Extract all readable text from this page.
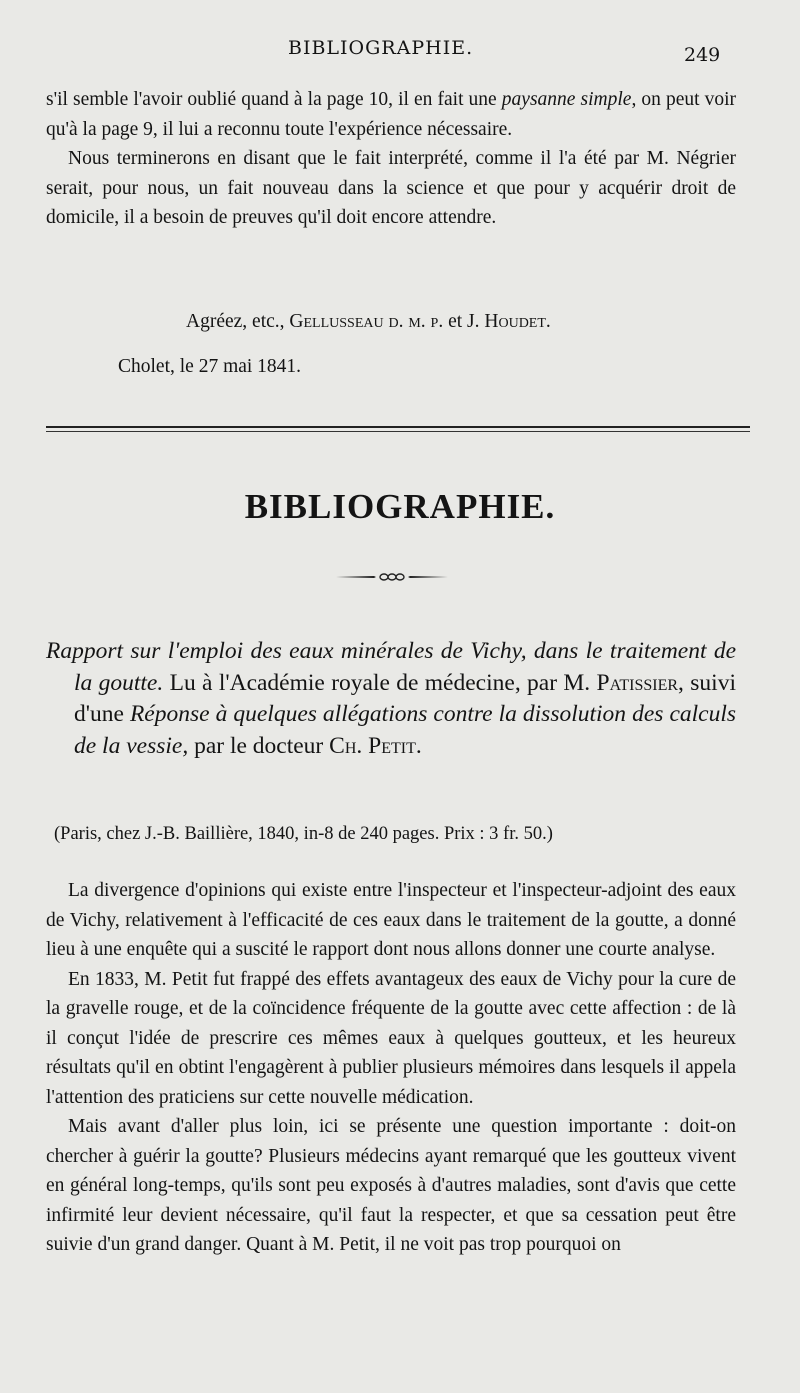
BIBLIOGRAPHIE.	249

s'il semble l'avoir oublié quand à la page 10, il en fait une paysanne simple, on peut voir qu'à la page 9, il lui a reconnu toute l'expérience nécessaire.

Nous terminerons en disant que le fait interprété, comme il l'a été par M. Négrier serait, pour nous, un fait nouveau dans la science et que pour y acquérir droit de domicile, il a besoin de preuves qu'il doit encore attendre.

Agréez, etc., Gellusseau d. m. p. et J. Houdet.
Cholet, le 27 mai 1841.
BIBLIOGRAPHIE.
Rapport sur l'emploi des eaux minérales de Vichy, dans le traitement de la goutte. Lu à l'Académie royale de médecine, par M. Patissier, suivi d'une Réponse à quelques allégations contre la dissolution des calculs de la vessie, par le docteur Ch. Petit.
(Paris, chez J.-B. Baillière, 1840, in-8 de 240 pages. Prix : 3 fr. 50.)

La divergence d'opinions qui existe entre l'inspecteur et l'inspecteur-adjoint des eaux de Vichy, relativement à l'efficacité de ces eaux dans le traitement de la goutte, a donné lieu à une enquête qui a suscité le rapport dont nous allons donner une courte analyse.

En 1833, M. Petit fut frappé des effets avantageux des eaux de Vichy pour la cure de la gravelle rouge, et de la coïncidence fréquente de la goutte avec cette affection : de là il conçut l'idée de prescrire ces mêmes eaux à quelques goutteux, et les heureux résultats qu'il en obtint l'engagèrent à publier plusieurs mémoires dans lesquels il appela l'attention des praticiens sur cette nouvelle médication.

Mais avant d'aller plus loin, ici se présente une question importante : doit-on chercher à guérir la goutte? Plusieurs médecins ayant remarqué que les goutteux vivent en général long-temps, qu'ils sont peu exposés à d'autres maladies, sont d'avis que cette infirmité leur devient nécessaire, qu'il faut la respecter, et que sa cessation peut être suivie d'un grand danger. Quant à M. Petit, il ne voit pas trop pourquoi on
